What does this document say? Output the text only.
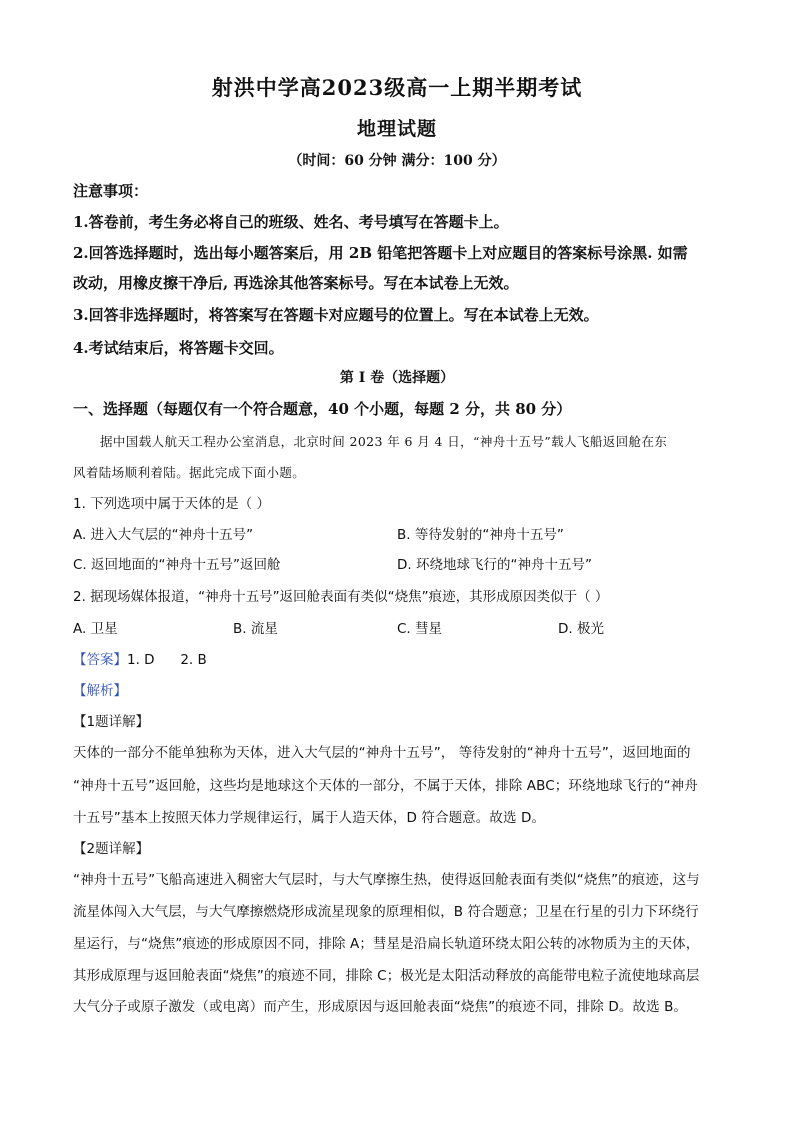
射洪中学高2023级高一上期半期考试
地理试题
（时间：60 分钟 满分：100 分）
注意事项：
1.答卷前，考生务必将自己的班级、姓名、考号填写在答题卡上。
2.回答选择题时，选出每小题答案后，用 2B 铅笔把答题卡上对应题目的答案标号涂黑. 如需
改动，用橡皮擦干净后, 再选涂其他答案标号。写在本试卷上无效。
3.回答非选择题时，将答案写在答题卡对应题号的位置上。写在本试卷上无效。
4.考试结束后，将答题卡交回。
第 I 卷（选择题）
一、选择题（每题仅有一个符合题意，40 个小题，每题 2 分，共 80 分）
据中国载人航天工程办公室消息，北京时间 2023 年 6 月 4 日，“神舟十五号”载人飞船返回舱在东
风着陆场顺利着陆。据此完成下面小题。
1. 下列选项中属于天体的是（ ）
A. 进入大气层的“神舟十五号”	B. 等待发射的“神舟十五号”
C. 返回地面的“神舟十五号”返回舱	D. 环绕地球飞行的“神舟十五号”
2. 据现场媒体报道，“神舟十五号”返回舱表面有类似“烧焦”痕迹，其形成原因类似于（ ）
A. 卫星	B. 流星	C. 彗星	D. 极光
【答案】1. D      2. B
【解析】
【1题详解】
天体的一部分不能单独称为天体，进入大气层的“神舟十五号”， 等待发射的“神舟十五号”，返回地面的
“神舟十五号”返回舱，这些均是地球这个天体的一部分，不属于天体，排除 ABC；环绕地球飞行的“神舟
十五号”基本上按照天体力学规律运行，属于人造天体，D 符合题意。故选 D。
【2题详解】
“神舟十五号”飞船高速进入稠密大气层时，与大气摩擦生热，使得返回舱表面有类似“烧焦”的痕迹，这与
流星体闯入大气层，与大气摩擦燃烧形成流星现象的原理相似，B 符合题意；卫星在行星的引力下环绕行
星运行，与“烧焦”痕迹的形成原因不同，排除 A；彗星是沿扁长轨道环绕太阳公转的冰物质为主的天体，
其形成原理与返回舱表面“烧焦”的痕迹不同，排除 C；极光是太阳活动释放的高能带电粒子流使地球高层
大气分子或原子激发（或电离）而产生，形成原因与返回舱表面“烧焦”的痕迹不同，排除 D。故选 B。
